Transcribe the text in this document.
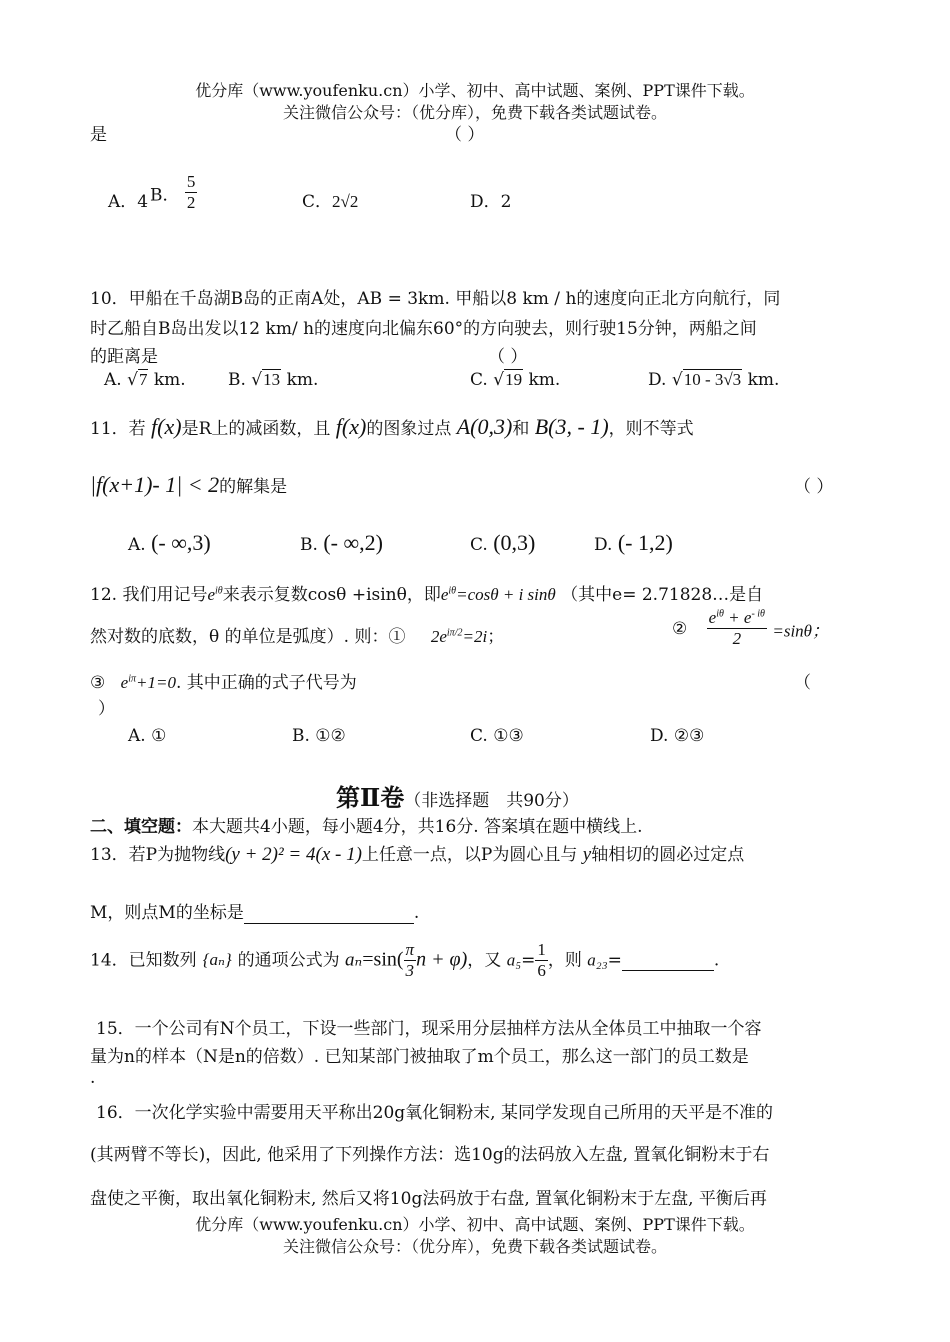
优分库（www.youfenku.cn）小学、初中、高中试题、案例、PPT课件下载。
关注微信公众号：（优分库），免费下载各类试题试卷。
是	（ ）
A．4 B． $\frac{5}{2}$	C．2√2	D．2
10．甲船在千岛湖B岛的正南A处，AB = 3km. 甲船以8 km / h的速度向正北方向航行，同
时乙船自B岛出发以12 km/ h的速度向北偏东60°的方向驶去，则行驶15分钟，两船之间
的距离是	（ ）
A. √7 km. B. √13 km.	C. √19 km.	D. √10 - 3√3 km.
11．若 f(x)是R上的减函数，且 f(x)的图象过点 A(0,3)和 B(3, - 1)，则不等式
|f(x+1)- 1| < 2的解集是	（ ）
A. (- ∞,3)	B. (- ∞,2)	C. (0,3)	D. (- 1,2)
12. 我们用记号$e^{i\theta}$来表示复数cosθ +isinθ，即$e^{i\theta}=\cos\theta + i$ sinθ （其中e= 2.71828…是自
然对数的底数，θ 的单位是弧度）. 则：① $2e^{i\pi/2}=2i$；	② $\frac{e^{i\theta} + e^{- i\theta}}{2} =\sin\theta$；
③ $e^{i\pi}+1=0$. 其中正确的式子代号为	（
）
A. ①	B. ①②	C. ①③	D. ②③
第Ⅱ卷（非选择题　共90分）
二、填空题：本大题共4小题，每小题4分，共16分. 答案填在题中横线上.
13．若P为抛物线(y + 2)² = 4(x - 1)上任意一点，以P为圆心且与 y轴相切的圆必过定点
M，则点M的坐标是	.
14．已知数列 {aₙ} 的通项公式为 $a_n=\sin( \frac{\pi}{3}$ n + φ)，又 $a_5= \frac{1}{6}$ ，则 a₂₃=	.
15．一个公司有N个员工，下设一些部门，现采用分层抽样方法从全体员工中抽取一个容
量为n的样本（N是n的倍数）. 已知某部门被抽取了m个员工，那么这一部门的员工数是
.
16．一次化学实验中需要用天平称出20g氧化铜粉末, 某同学发现自己所用的天平是不准的
(其两臂不等长)，因此, 他采用了下列操作方法：选10g的法码放入左盘, 置氧化铜粉末于右
盘使之平衡，取出氧化铜粉末, 然后又将10g法码放于右盘, 置氧化铜粉末于左盘, 平衡后再
优分库（www.youfenku.cn）小学、初中、高中试题、案例、PPT课件下载。
关注微信公众号：（优分库），免费下载各类试题试卷。
